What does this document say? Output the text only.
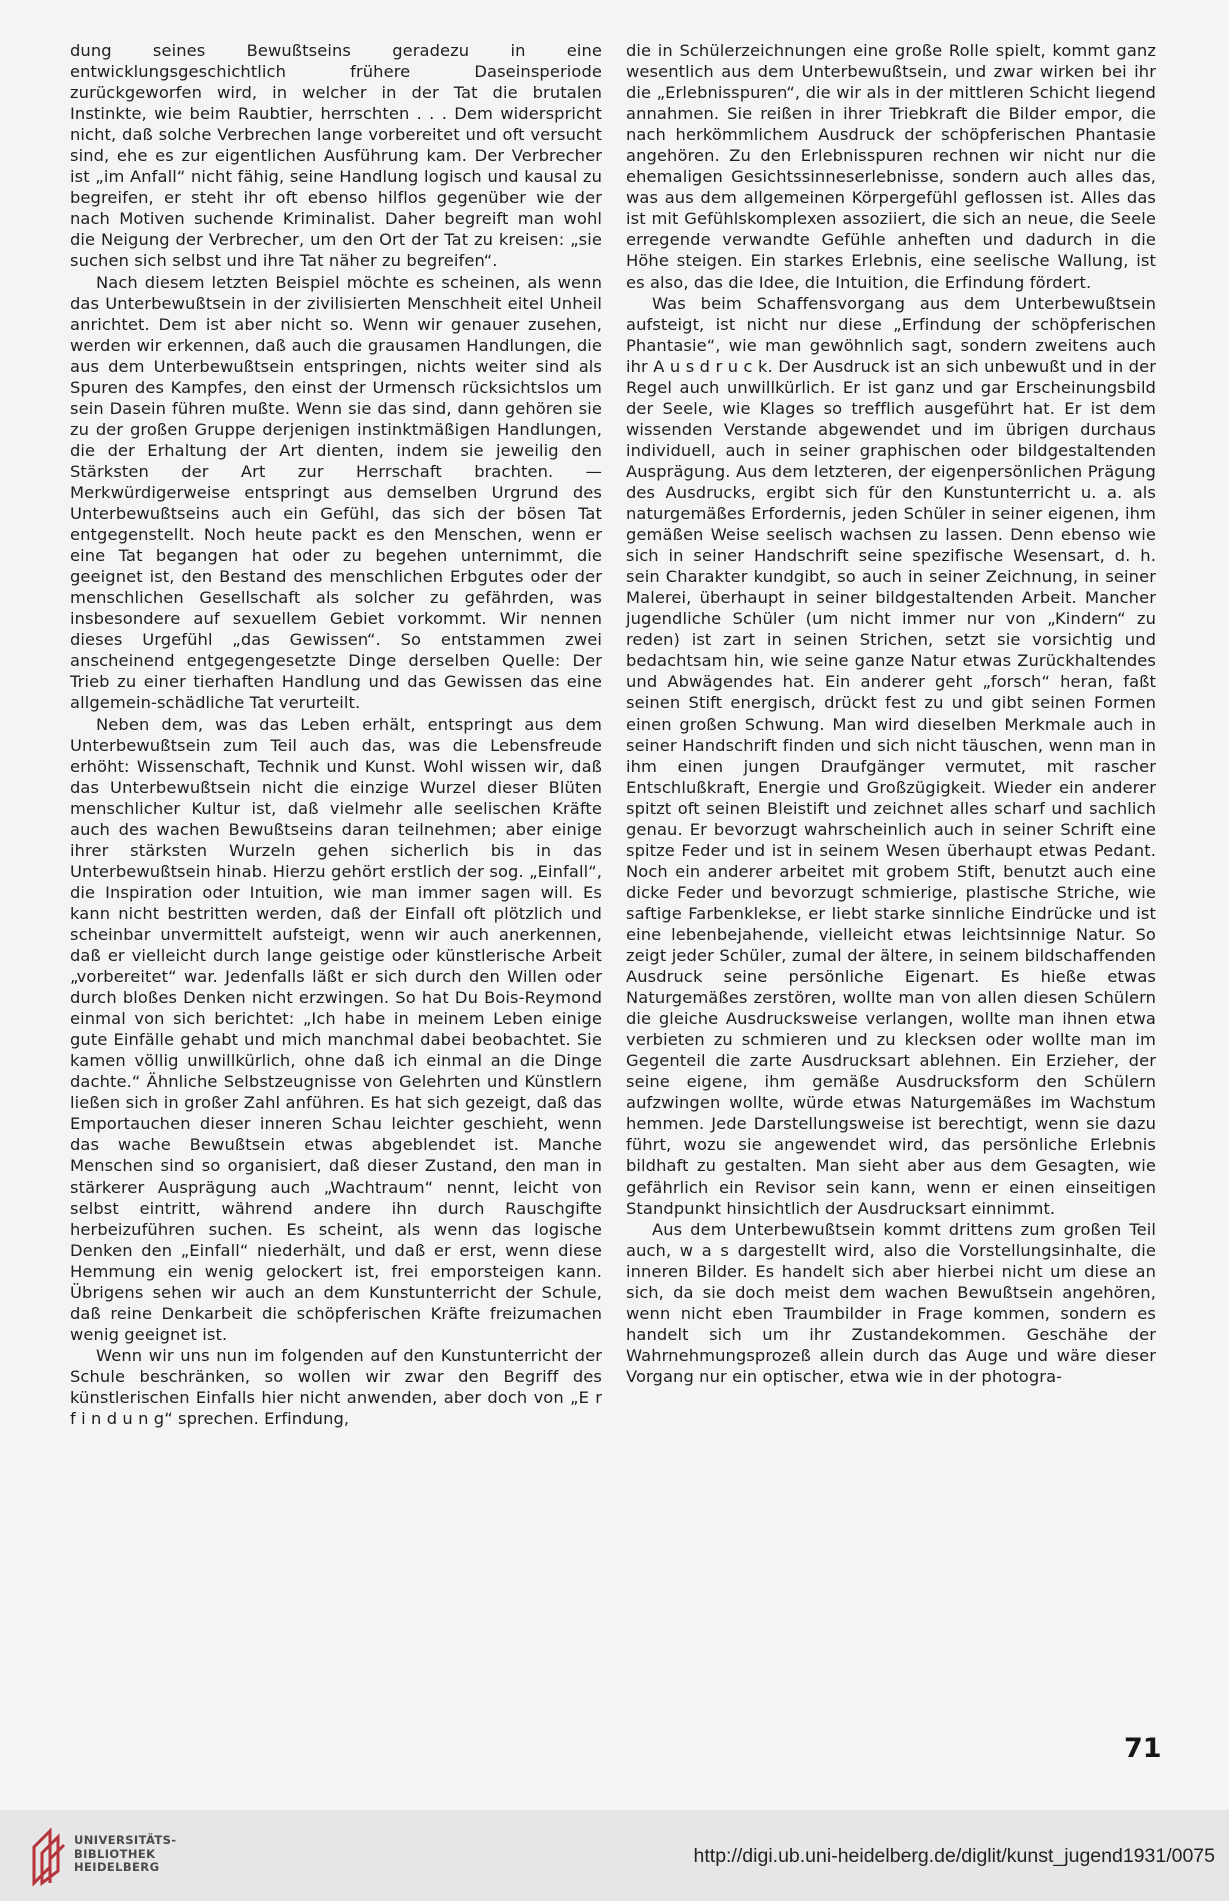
dung seines Bewußtseins geradezu in eine entwicklungsgeschichtlich frühere Daseinsperiode zurückgeworfen wird, in welcher in der Tat die brutalen Instinkte, wie beim Raubtier, herrschten . . . Dem widerspricht nicht, daß solche Verbrechen lange vorbereitet und oft versucht sind, ehe es zur eigentlichen Ausführung kam. Der Verbrecher ist „im Anfall“ nicht fähig, seine Handlung logisch und kausal zu begreifen, er steht ihr oft ebenso hilflos gegenüber wie der nach Motiven suchende Kriminalist. Daher begreift man wohl die Neigung der Verbrecher, um den Ort der Tat zu kreisen: „sie suchen sich selbst und ihre Tat näher zu begreifen“.

Nach diesem letzten Beispiel möchte es scheinen, als wenn das Unterbewußtsein in der zivilisierten Menschheit eitel Unheil anrichtet. Dem ist aber nicht so. Wenn wir genauer zusehen, werden wir erkennen, daß auch die grausamen Handlungen, die aus dem Unterbewußtsein entspringen, nichts weiter sind als Spuren des Kampfes, den einst der Urmensch rücksichtslos um sein Dasein führen mußte. Wenn sie das sind, dann gehören sie zu der großen Gruppe derjenigen instinktmäßigen Handlungen, die der Erhaltung der Art dienten, indem sie jeweilig den Stärksten der Art zur Herrschaft brachten. — Merkwürdigerweise entspringt aus demselben Urgrund des Unterbewußtseins auch ein Gefühl, das sich der bösen Tat entgegenstellt. Noch heute packt es den Menschen, wenn er eine Tat begangen hat oder zu begehen unternimmt, die geeignet ist, den Bestand des menschlichen Erbgutes oder der menschlichen Gesellschaft als solcher zu gefährden, was insbesondere auf sexuellem Gebiet vorkommt. Wir nennen dieses Urgefühl „das Gewissen“. So entstammen zwei anscheinend entgegengesetzte Dinge derselben Quelle: Der Trieb zu einer tierhaften Handlung und das Gewissen das eine allgemein-schädliche Tat verurteilt.

Neben dem, was das Leben erhält, entspringt aus dem Unterbewußtsein zum Teil auch das, was die Lebensfreude erhöht: Wissenschaft, Technik und Kunst. Wohl wissen wir, daß das Unterbewußtsein nicht die einzige Wurzel dieser Blüten menschlicher Kultur ist, daß vielmehr alle seelischen Kräfte auch des wachen Bewußtseins daran teilnehmen; aber einige ihrer stärksten Wurzeln gehen sicherlich bis in das Unterbewußtsein hinab. Hierzu gehört erstlich der sog. „Einfall“, die Inspiration oder Intuition, wie man immer sagen will. Es kann nicht bestritten werden, daß der Einfall oft plötzlich und scheinbar unvermittelt aufsteigt, wenn wir auch anerkennen, daß er vielleicht durch lange geistige oder künstlerische Arbeit „vorbereitet“ war. Jedenfalls läßt er sich durch den Willen oder durch bloßes Denken nicht erzwingen. So hat Du Bois-Reymond einmal von sich berichtet: „Ich habe in meinem Leben einige gute Einfälle gehabt und mich manchmal dabei beobachtet. Sie kamen völlig unwillkürlich, ohne daß ich einmal an die Dinge dachte.“ Ähnliche Selbstzeugnisse von Gelehrten und Künstlern ließen sich in großer Zahl anführen. Es hat sich gezeigt, daß das Emportauchen dieser inneren Schau leichter geschieht, wenn das wache Bewußtsein etwas abgeblendet ist. Manche Menschen sind so organisiert, daß dieser Zustand, den man in stärkerer Ausprägung auch „Wachtraum“ nennt, leicht von selbst eintritt, während andere ihn durch Rauschgifte herbeizuführen suchen. Es scheint, als wenn das logische Denken den „Einfall“ niederhält, und daß er erst, wenn diese Hemmung ein wenig gelockert ist, frei emporsteigen kann. Übrigens sehen wir auch an dem Kunstunterricht der Schule, daß reine Denkarbeit die schöpferischen Kräfte freizumachen wenig geeignet ist.

Wenn wir uns nun im folgenden auf den Kunstunterricht der Schule beschränken, so wollen wir zwar den Begriff des künstlerischen Einfalls hier nicht anwenden, aber doch von „E r f i n d u n g“ sprechen. Erfindung,

die in Schülerzeichnungen eine große Rolle spielt, kommt ganz wesentlich aus dem Unterbewußtsein, und zwar wirken bei ihr die „Erlebnisspuren“, die wir als in der mittleren Schicht liegend annahmen. Sie reißen in ihrer Triebkraft die Bilder empor, die nach herkömmlichem Ausdruck der schöpferischen Phantasie angehören. Zu den Erlebnisspuren rechnen wir nicht nur die ehemaligen Gesichtssinneserlebnisse, sondern auch alles das, was aus dem allgemeinen Körpergefühl geflossen ist. Alles das ist mit Gefühlskomplexen assoziiert, die sich an neue, die Seele erregende verwandte Gefühle anheften und dadurch in die Höhe steigen. Ein starkes Erlebnis, eine seelische Wallung, ist es also, das die Idee, die Intuition, die Erfindung fördert.

Was beim Schaffensvorgang aus dem Unterbewußtsein aufsteigt, ist nicht nur diese „Erfindung der schöpferischen Phantasie“, wie man gewöhnlich sagt, sondern zweitens auch ihr A u s d r u c k. Der Ausdruck ist an sich unbewußt und in der Regel auch unwillkürlich. Er ist ganz und gar Erscheinungsbild der Seele, wie Klages so trefflich ausgeführt hat. Er ist dem wissenden Verstande abgewendet und im übrigen durchaus individuell, auch in seiner graphischen oder bildgestaltenden Ausprägung. Aus dem letzteren, der eigenpersönlichen Prägung des Ausdrucks, ergibt sich für den Kunstunterricht u. a. als naturgemäßes Erfordernis, jeden Schüler in seiner eigenen, ihm gemäßen Weise seelisch wachsen zu lassen. Denn ebenso wie sich in seiner Handschrift seine spezifische Wesensart, d. h. sein Charakter kundgibt, so auch in seiner Zeichnung, in seiner Malerei, überhaupt in seiner bildgestaltenden Arbeit. Mancher jugendliche Schüler (um nicht immer nur von „Kindern“ zu reden) ist zart in seinen Strichen, setzt sie vorsichtig und bedachtsam hin, wie seine ganze Natur etwas Zurückhaltendes und Abwägendes hat. Ein anderer geht „forsch“ heran, faßt seinen Stift energisch, drückt fest zu und gibt seinen Formen einen großen Schwung. Man wird dieselben Merkmale auch in seiner Handschrift finden und sich nicht täuschen, wenn man in ihm einen jungen Draufgänger vermutet, mit rascher Entschlußkraft, Energie und Großzügigkeit. Wieder ein anderer spitzt oft seinen Bleistift und zeichnet alles scharf und sachlich genau. Er bevorzugt wahrscheinlich auch in seiner Schrift eine spitze Feder und ist in seinem Wesen überhaupt etwas Pedant. Noch ein anderer arbeitet mit grobem Stift, benutzt auch eine dicke Feder und bevorzugt schmierige, plastische Striche, wie saftige Farbenklekse, er liebt starke sinnliche Eindrücke und ist eine lebenbejahende, vielleicht etwas leichtsinnige Natur. So zeigt jeder Schüler, zumal der ältere, in seinem bildschaffenden Ausdruck seine persönliche Eigenart. Es hieße etwas Naturgemäßes zerstören, wollte man von allen diesen Schülern die gleiche Ausdrucksweise verlangen, wollte man ihnen etwa verbieten zu schmieren und zu klecksen oder wollte man im Gegenteil die zarte Ausdrucksart ablehnen. Ein Erzieher, der seine eigene, ihm gemäße Ausdrucksform den Schülern aufzwingen wollte, würde etwas Naturgemäßes im Wachstum hemmen. Jede Darstellungsweise ist berechtigt, wenn sie dazu führt, wozu sie angewendet wird, das persönliche Erlebnis bildhaft zu gestalten. Man sieht aber aus dem Gesagten, wie gefährlich ein Revisor sein kann, wenn er einen einseitigen Standpunkt hinsichtlich der Ausdrucksart einnimmt.

Aus dem Unterbewußtsein kommt drittens zum großen Teil auch, w a s dargestellt wird, also die Vorstellungsinhalte, die inneren Bilder. Es handelt sich aber hierbei nicht um diese an sich, da sie doch meist dem wachen Bewußtsein angehören, wenn nicht eben Traumbilder in Frage kommen, sondern es handelt sich um ihr Zustandekommen. Geschähe der Wahrnehmungsprozeß allein durch das Auge und wäre dieser Vorgang nur ein optischer, etwa wie in der photogra-

71
UNIVERSITÄTS-
BIBLIOTHEK
HEIDELBERG	http://digi.ub.uni-heidelberg.de/diglit/kunst_jugend1931/0075
